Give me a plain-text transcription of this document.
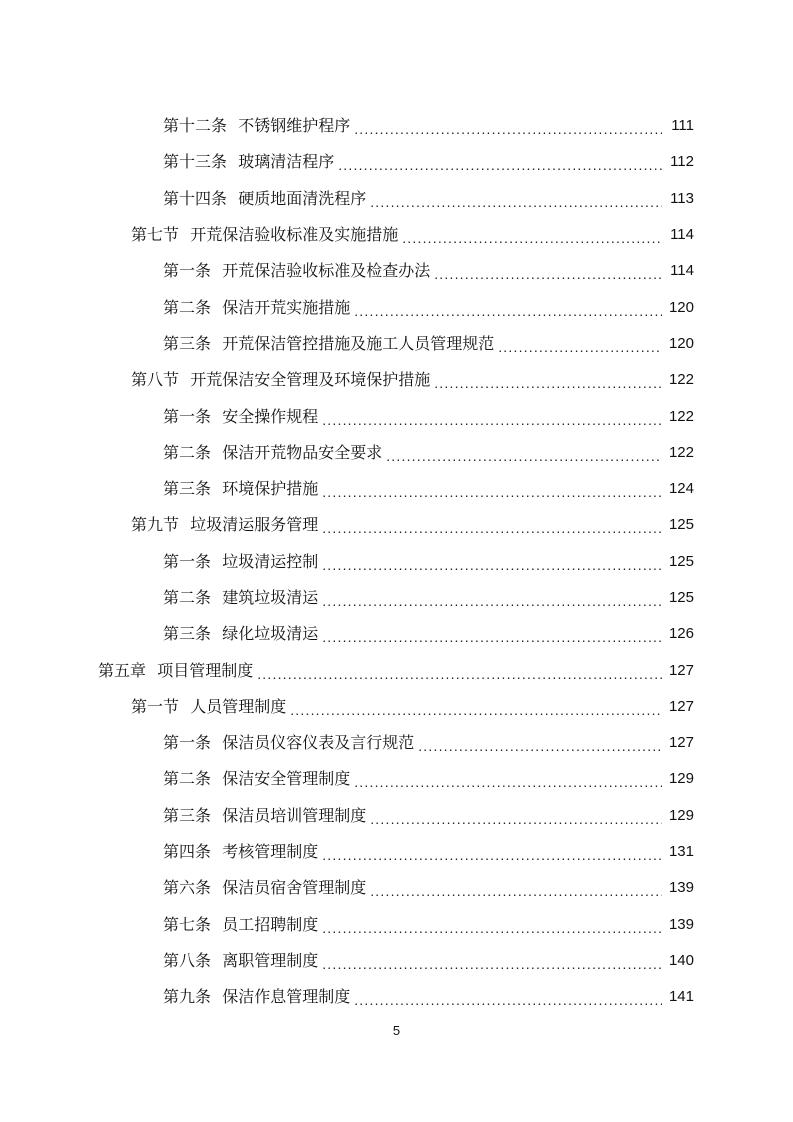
第十二条 不锈钢维护程序 .....	111
第十三条 玻璃清洁程序 .....	112
第十四条 硬质地面清洗程序 .....	113
第七节 开荒保洁验收标准及实施措施 .....	114
第一条 开荒保洁验收标准及检查办法 .....	114
第二条 保洁开荒实施措施 .....	120
第三条 开荒保洁管控措施及施工人员管理规范 .....	120
第八节 开荒保洁安全管理及环境保护措施 .....	122
第一条 安全操作规程 .....	122
第二条 保洁开荒物品安全要求 .....	122
第三条 环境保护措施 .....	124
第九节 垃圾清运服务管理 .....	125
第一条 垃圾清运控制 .....	125
第二条 建筑垃圾清运 .....	125
第三条 绿化垃圾清运 .....	126
第五章 项目管理制度 .....	127
第一节 人员管理制度 .....	127
第一条 保洁员仪容仪表及言行规范 .....	127
第二条 保洁安全管理制度 .....	129
第三条 保洁员培训管理制度 .....	129
第四条 考核管理制度 .....	131
第六条 保洁员宿舍管理制度 .....	139
第七条 员工招聘制度 .....	139
第八条 离职管理制度 .....	140
第九条 保洁作息管理制度 .....	141
5
